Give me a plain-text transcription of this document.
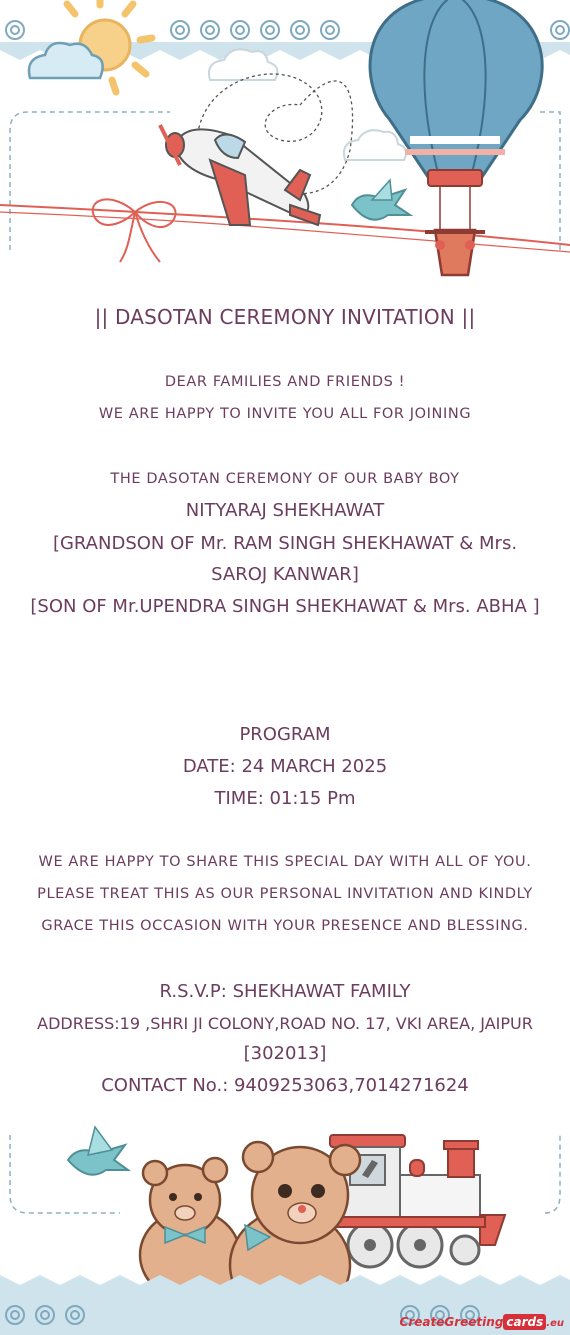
|| DASOTAN CEREMONY INVITATION ||
DEAR FAMILIES AND FRIENDS !
WE ARE HAPPY TO INVITE YOU ALL FOR JOINING
THE DASOTAN CEREMONY OF OUR BABY BOY
NITYARAJ SHEKHAWAT
[GRANDSON OF Mr. RAM SINGH SHEKHAWAT & Mrs.
SAROJ KANWAR]
[SON OF Mr.UPENDRA SINGH SHEKHAWAT & Mrs. ABHA ]
PROGRAM
DATE: 24 MARCH 2025
TIME: 01:15 Pm
WE ARE HAPPY TO SHARE THIS SPECIAL DAY WITH ALL OF YOU.
PLEASE TREAT THIS AS OUR PERSONAL INVITATION AND KINDLY
GRACE THIS OCCASION WITH YOUR PRESENCE AND BLESSING.
R.S.V.P: SHEKHAWAT FAMILY
ADDRESS:19 ,SHRI JI COLONY,ROAD NO. 17, VKI AREA, JAIPUR
[302013]
CONTACT No.: 9409253063,7014271624
CreateGreeting cards .eu
